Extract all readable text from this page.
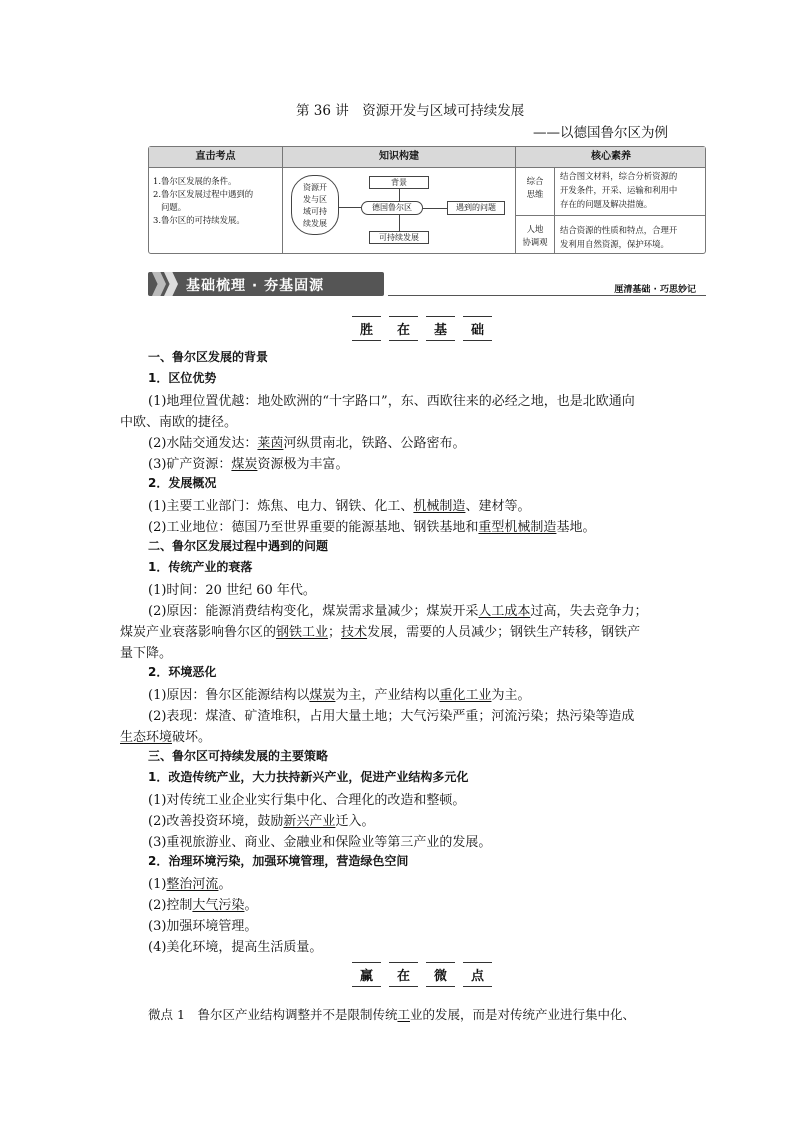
第 36 讲　资源开发与区域可持续发展
——以德国鲁尔区为例
直击考点
1.鲁尔区发展的条件。
2.鲁尔区发展过程中遇到的
问题。
3.鲁尔区的可持续发展。
知识构建
资源开
发与区
域可持
续发展
背景
德国鲁尔区	遇到的问题
可持续发展
核心素养
综合
思维
结合图文材料，综合分析资源的
开发条件，开采、运输和利用中
存在的问题及解决措施。
人地
协调观
结合资源的性质和特点，合理开
发利用自然资源，保护环境。
基础梳理 · 夯基固源	厘清基础 · 巧思妙记
胜	在	基	础
一、鲁尔区发展的背景
1．区位优势
(1)地理位置优越：地处欧洲的“十字路口”，东、西欧往来的必经之地，也是北欧通向
中欧、南欧的捷径。
(2)水陆交通发达：莱茵河纵贯南北，铁路、公路密布。
(3)矿产资源：煤炭资源极为丰富。
2．发展概况
(1)主要工业部门：炼焦、电力、钢铁、化工、机械制造、建材等。
(2)工业地位：德国乃至世界重要的能源基地、钢铁基地和重型机械制造基地。
二、鲁尔区发展过程中遇到的问题
1．传统产业的衰落
(1)时间：20 世纪 60 年代。
(2)原因：能源消费结构变化，煤炭需求量减少；煤炭开采人工成本过高，失去竞争力；
煤炭产业衰落影响鲁尔区的钢铁工业；技术发展，需要的人员减少；钢铁生产转移，钢铁产
量下降。
2．环境恶化
(1)原因：鲁尔区能源结构以煤炭为主，产业结构以重化工业为主。
(2)表现：煤渣、矿渣堆积，占用大量土地；大气污染严重；河流污染；热污染等造成
生态环境破坏。
三、鲁尔区可持续发展的主要策略
1．改造传统产业，大力扶持新兴产业，促进产业结构多元化
(1)对传统工业企业实行集中化、合理化的改造和整顿。
(2)改善投资环境，鼓励新兴产业迁入。
(3)重视旅游业、商业、金融业和保险业等第三产业的发展。
2．治理环境污染，加强环境管理，营造绿色空间
(1)整治河流。
(2)控制大气污染。
(3)加强环境管理。
(4)美化环境，提高生活质量。
赢	在	微	点
微点 1　 鲁尔区产业结构调整并不是限制传统工业的发展，而是对传统产业进行集中化、
